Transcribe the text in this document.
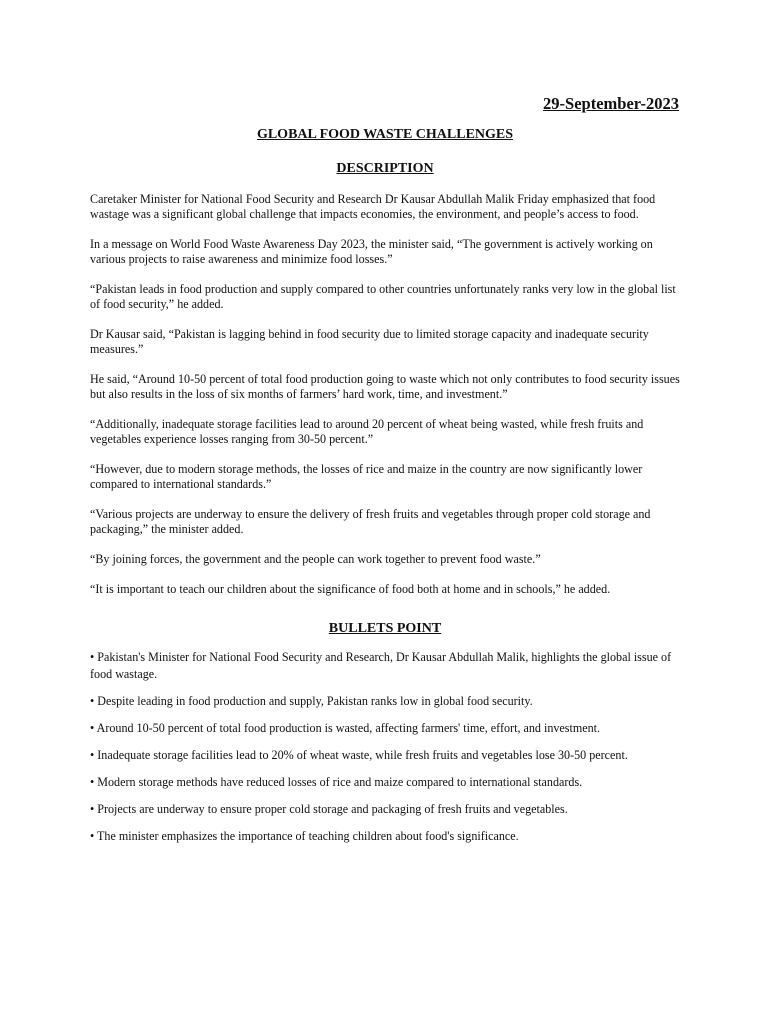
29-September-2023
GLOBAL FOOD WASTE CHALLENGES
DESCRIPTION

Caretaker Minister for National Food Security and Research Dr Kausar Abdullah Malik Friday emphasized that food wastage was a significant global challenge that impacts economies, the environment, and people’s access to food.

In a message on World Food Waste Awareness Day 2023, the minister said, “The government is actively working on various projects to raise awareness and minimize food losses.”

“Pakistan leads in food production and supply compared to other countries unfortunately ranks very low in the global list of food security,” he added.

Dr Kausar said, “Pakistan is lagging behind in food security due to limited storage capacity and inadequate security measures.”

He said, “Around 10-50 percent of total food production going to waste which not only contributes to food security issues but also results in the loss of six months of farmers’ hard work, time, and investment.”

“Additionally, inadequate storage facilities lead to around 20 percent of wheat being wasted, while fresh fruits and vegetables experience losses ranging from 30-50 percent.”

“However, due to modern storage methods, the losses of rice and maize in the country are now significantly lower compared to international standards.”

“Various projects are underway to ensure the delivery of fresh fruits and vegetables through proper cold storage and packaging,” the minister added.

“By joining forces, the government and the people can work together to prevent food waste.”

“It is important to teach our children about the significance of food both at home and in schools,” he added.

BULLETS POINT

• Pakistan's Minister for National Food Security and Research, Dr Kausar Abdullah Malik, highlights the global issue of food wastage.

• Despite leading in food production and supply, Pakistan ranks low in global food security.

• Around 10-50 percent of total food production is wasted, affecting farmers' time, effort, and investment.

• Inadequate storage facilities lead to 20% of wheat waste, while fresh fruits and vegetables lose 30-50 percent.

• Modern storage methods have reduced losses of rice and maize compared to international standards.

• Projects are underway to ensure proper cold storage and packaging of fresh fruits and vegetables.

• The minister emphasizes the importance of teaching children about food's significance.
